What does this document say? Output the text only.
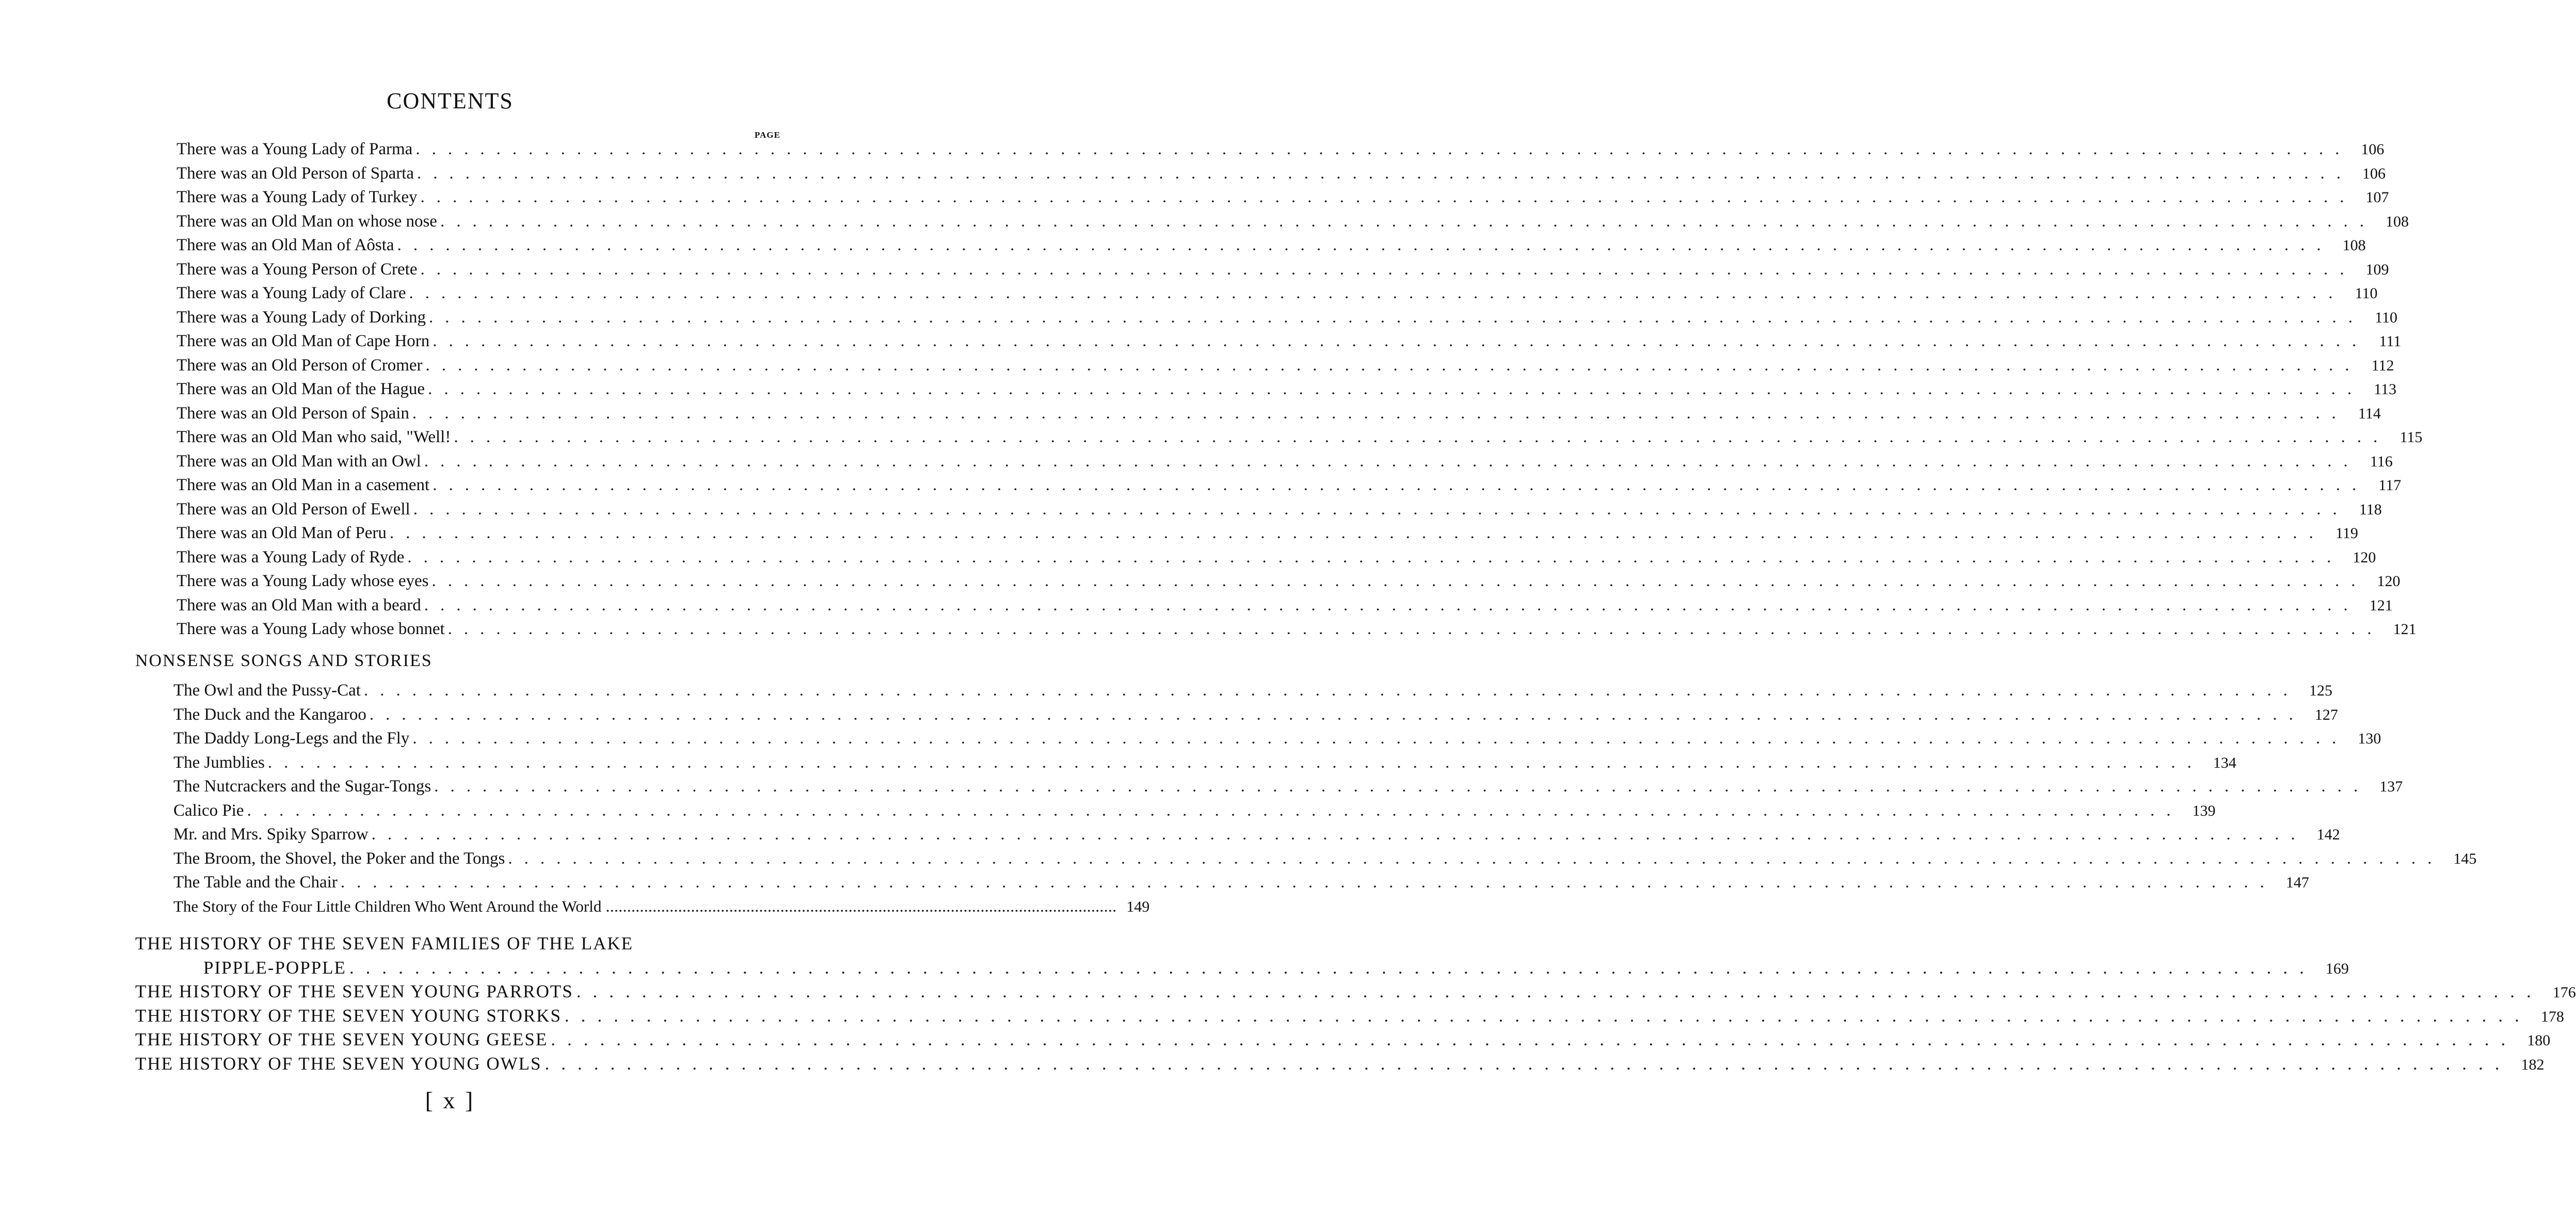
CONTENTS
PAGE
There was a Young Lady of Parma ........................................................................................................................ 106
There was an Old Person of Sparta ........................................................................................................................ 106
There was a Young Lady of Turkey ........................................................................................................................ 107
There was an Old Man on whose nose ........................................................................................................................ 108
There was an Old Man of Aôsta ........................................................................................................................ 108
There was a Young Person of Crete ........................................................................................................................ 109
There was a Young Lady of Clare ........................................................................................................................ 110
There was a Young Lady of Dorking ........................................................................................................................ 110
There was an Old Man of Cape Horn ........................................................................................................................ 111
There was an Old Person of Cromer ........................................................................................................................ 112
There was an Old Man of the Hague ........................................................................................................................ 113
There was an Old Person of Spain ........................................................................................................................ 114
There was an Old Man who said, "Well! ........................................................................................................................ 115
There was an Old Man with an Owl ........................................................................................................................ 116
There was an Old Man in a casement ........................................................................................................................ 117
There was an Old Person of Ewell ........................................................................................................................ 118
There was an Old Man of Peru ........................................................................................................................ 119
There was a Young Lady of Ryde ........................................................................................................................ 120
There was a Young Lady whose eyes ........................................................................................................................ 120
There was an Old Man with a beard ........................................................................................................................ 121
There was a Young Lady whose bonnet ........................................................................................................................ 121
NONSENSE SONGS AND STORIES
The Owl and the Pussy-Cat ........................................................................................................................ 125
The Duck and the Kangaroo ........................................................................................................................ 127
The Daddy Long-Legs and the Fly ........................................................................................................................ 130
The Jumblies ........................................................................................................................ 134
The Nutcrackers and the Sugar-Tongs ........................................................................................................................ 137
Calico Pie ........................................................................................................................ 139
Mr. and Mrs. Spiky Sparrow ........................................................................................................................ 142
The Broom, the Shovel, the Poker and the Tongs ........................................................................................................................ 145
The Table and the Chair ........................................................................................................................ 147
The Story of the Four Little Children Who Went Around the World ........................................................................................................................ 149
THE HISTORY OF THE SEVEN FAMILIES OF THE LAKE
PIPPLE-POPPLE ........................................................................................................................ 169
THE HISTORY OF THE SEVEN YOUNG PARROTS ........................................................................................................................ 176
THE HISTORY OF THE SEVEN YOUNG STORKS ........................................................................................................................ 178
THE HISTORY OF THE SEVEN YOUNG GEESE ........................................................................................................................ 180
THE HISTORY OF THE SEVEN YOUNG OWLS ........................................................................................................................ 182
[ x ]
